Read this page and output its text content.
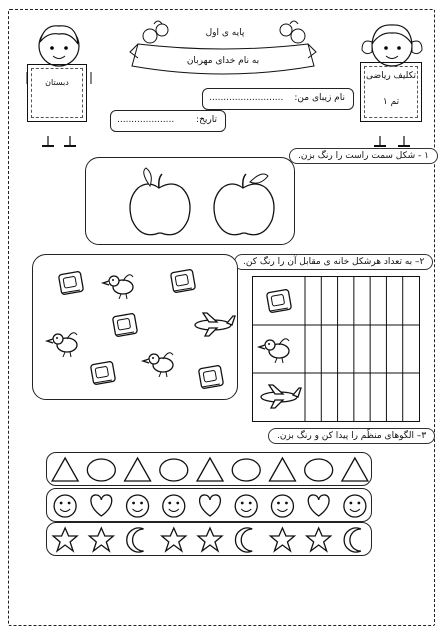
دبستان
تکلیف ریاضی
تم ۱
پایه ی اول
به نام خدای مهربان
نام زیبای من:
..........................
تاریخ:
....................
۱ - شکل سمت راست را رنگ بزن.
۲– به تعداد هرشکل خانه ی مقابل آن را رنگ کن.
۳– الگوهای منظّم را پیدا کن و رنگ بزن.
